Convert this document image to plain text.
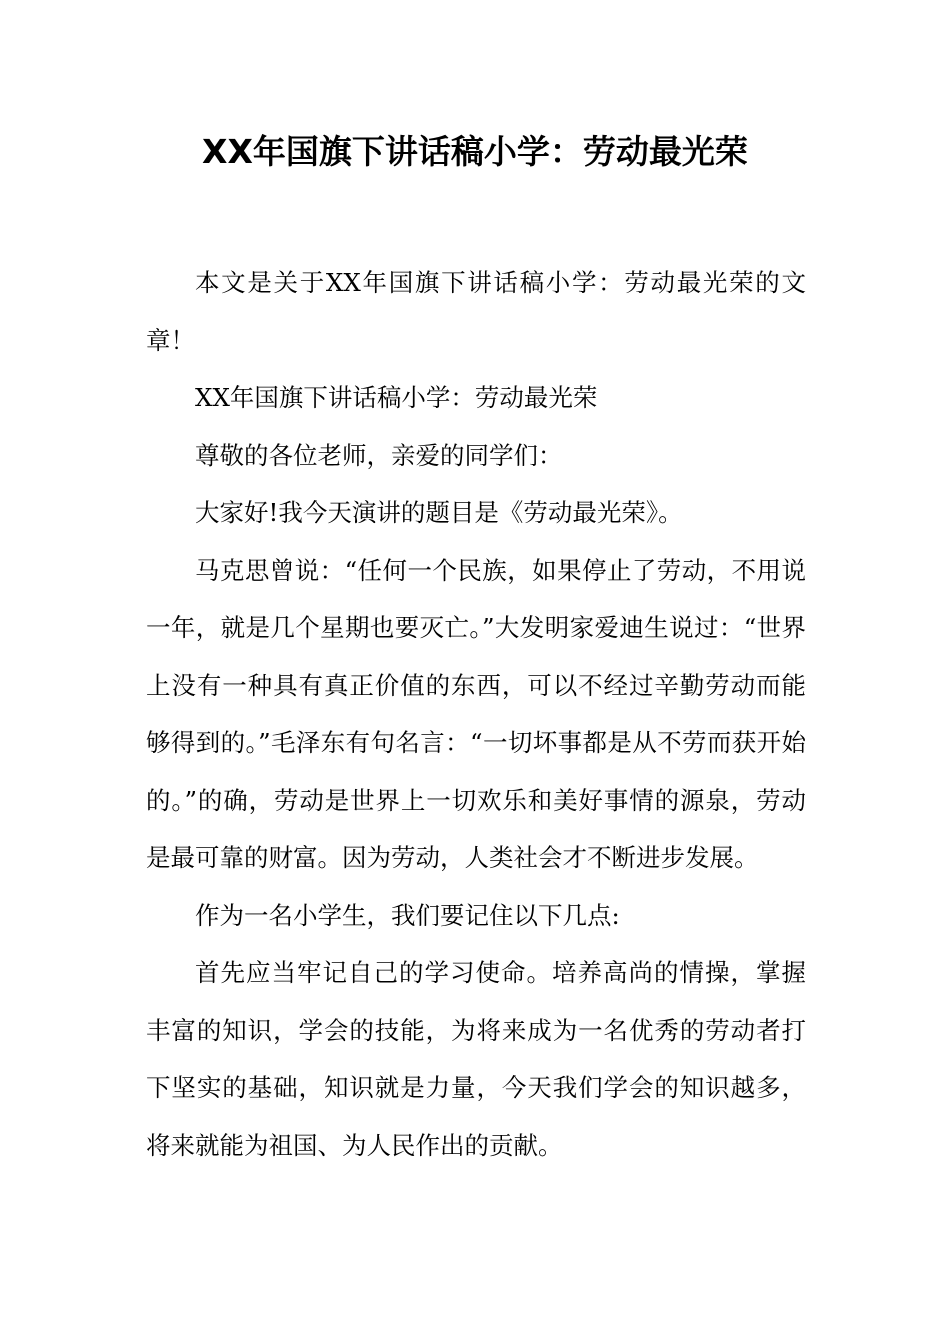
XX年国旗下讲话稿小学：劳动最光荣

本文是关于XX年国旗下讲话稿小学：劳动最光荣的文章！

XX年国旗下讲话稿小学：劳动最光荣

尊敬的各位老师，亲爱的同学们：

大家好!我今天演讲的题目是《劳动最光荣》。

马克思曾说：“任何一个民族，如果停止了劳动，不用说一年，就是几个星期也要灭亡。”大发明家爱迪生说过：“世界上没有一种具有真正价值的东西，可以不经过辛勤劳动而能够得到的。”毛泽东有句名言：“一切坏事都是从不劳而获开始的。”的确，劳动是世界上一切欢乐和美好事情的源泉，劳动是最可靠的财富。因为劳动，人类社会才不断进步发展。

作为一名小学生，我们要记住以下几点:

首先应当牢记自己的学习使命。培养高尚的情操，掌握丰富的知识，学会的技能，为将来成为一名优秀的劳动者打下坚实的基础，知识就是力量，今天我们学会的知识越多，将来就能为祖国、为人民作出的贡献。
